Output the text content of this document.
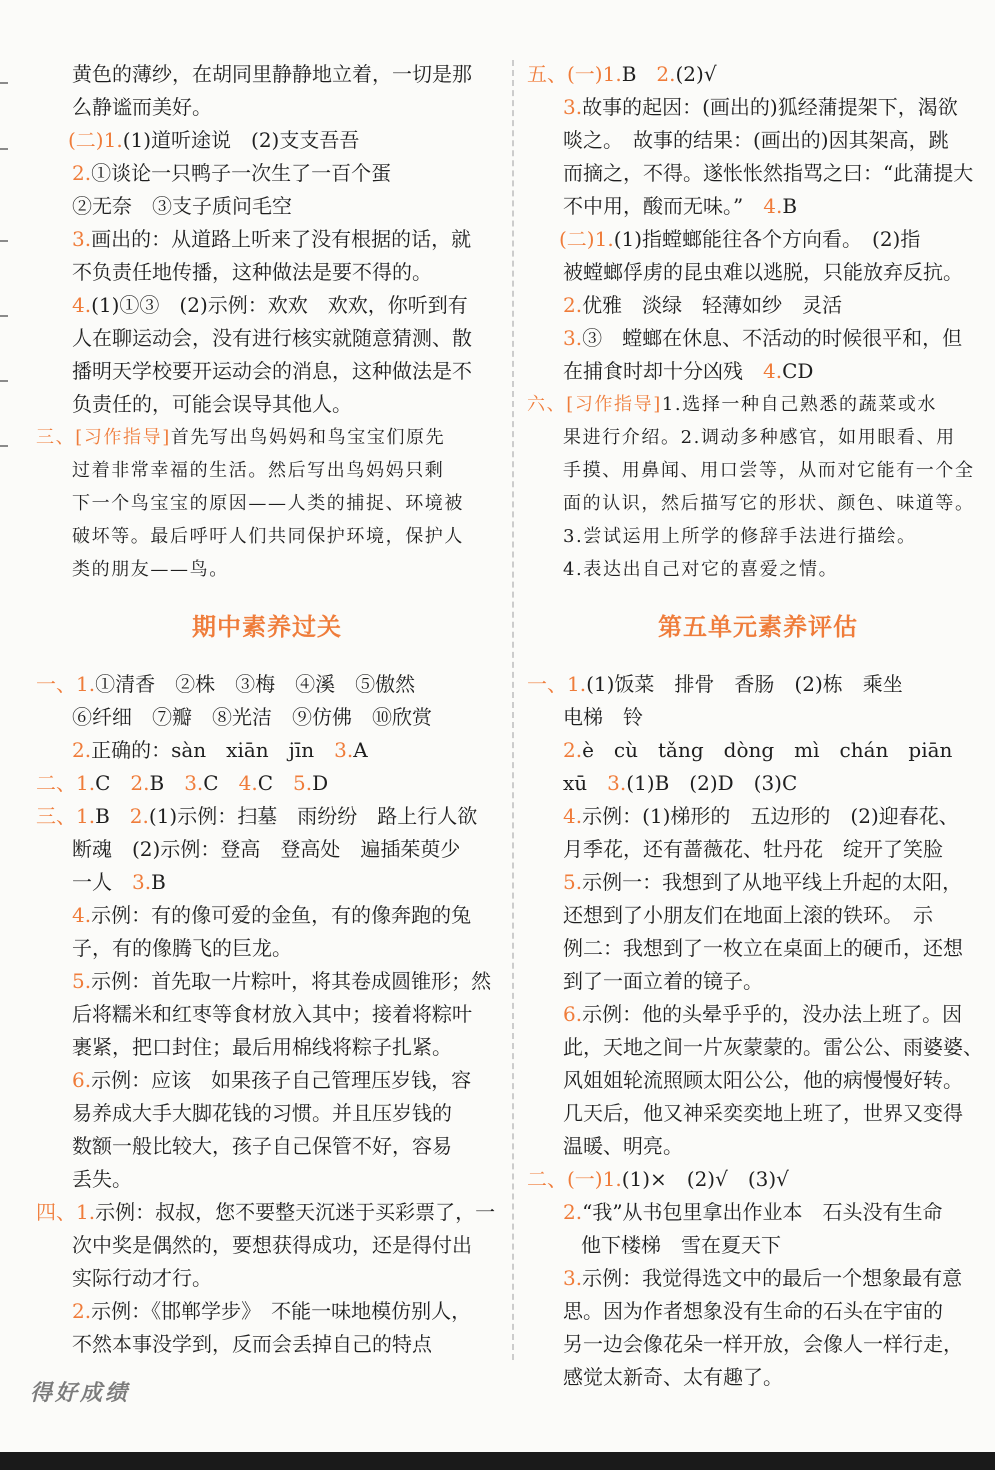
黄色的薄纱，在胡同里静静地立着，一切是那
么静谧而美好。
(二)1.(1)道听途说　(2)支支吾吾
2.①谈论一只鸭子一次生了一百个蛋
②无奈　③支子质问毛空
3.画出的：从道路上听来了没有根据的话，就
不负责任地传播，这种做法是要不得的。
4.(1)①③　(2)示例：欢欢　欢欢，你听到有
人在聊运动会，没有进行核实就随意猜测、散
播明天学校要开运动会的消息，这种做法是不
负责任的，可能会误导其他人。
三、[习作指导]首先写出鸟妈妈和鸟宝宝们原先
过着非常幸福的生活。然后写出鸟妈妈只剩
下一个鸟宝宝的原因——人类的捕捉、环境被
破坏等。最后呼吁人们共同保护环境，保护人
类的朋友——鸟。
期中素养过关
一、1.①清香　②株　③梅　④溪　⑤傲然
⑥纤细　⑦瓣　⑧光洁　⑨仿佛　⑩欣赏
2.正确的：sàn　xiān　jīn　3.A
二、1.C　2.B　3.C　4.C　5.D
三、1.B　2.(1)示例：扫墓　雨纷纷　路上行人欲
断魂　(2)示例：登高　登高处　遍插茱萸少
一人　3.B
4.示例：有的像可爱的金鱼，有的像奔跑的兔
子，有的像腾飞的巨龙。
5.示例：首先取一片粽叶，将其卷成圆锥形；然
后将糯米和红枣等食材放入其中；接着将粽叶
裹紧，把口封住；最后用棉线将粽子扎紧。
6.示例：应该　如果孩子自己管理压岁钱，容
易养成大手大脚花钱的习惯。并且压岁钱的
数额一般比较大，孩子自己保管不好，容易
丢失。
四、1.示例：叔叔，您不要整天沉迷于买彩票了，一
次中奖是偶然的，要想获得成功，还是得付出
实际行动才行。
2.示例：《邯郸学步》　不能一味地模仿别人，
不然本事没学到，反而会丢掉自己的特点
五、(一)1.B　2.(2)√
3.故事的起因：(画出的)狐经蒲提架下，渴欲
啖之。　故事的结果：(画出的)因其架高，跳
而摘之，不得。遂怅怅然指骂之曰：“此蒲提大
不中用，酸而无味。”　4.B
(二)1.(1)指螳螂能往各个方向看。　(2)指
被螳螂俘虏的昆虫难以逃脱，只能放弃反抗。
2.优雅　淡绿　轻薄如纱　灵活
3.③　螳螂在休息、不活动的时候很平和，但
在捕食时却十分凶残　4.CD
六、[习作指导]1.选择一种自己熟悉的蔬菜或水
果进行介绍。2.调动多种感官，如用眼看、用
手摸、用鼻闻、用口尝等，从而对它能有一个全
面的认识，然后描写它的形状、颜色、味道等。
3.尝试运用上所学的修辞手法进行描绘。
4.表达出自己对它的喜爱之情。
第五单元素养评估
一、1.(1)饭菜　排骨　香肠　(2)栋　乘坐
电梯　铃
2.è　cù　tǎng　dòng　mì　chán　piān
xū　3.(1)B　(2)D　(3)C
4.示例：(1)梯形的　五边形的　(2)迎春花、
月季花，还有蔷薇花、牡丹花　绽开了笑脸
5.示例一：我想到了从地平线上升起的太阳，
还想到了小朋友们在地面上滚的铁环。　示
例二：我想到了一枚立在桌面上的硬币，还想
到了一面立着的镜子。
6.示例：他的头晕乎乎的，没办法上班了。因
此，天地之间一片灰蒙蒙的。雷公公、雨婆婆、
风姐姐轮流照顾太阳公公，他的病慢慢好转。
几天后，他又神采奕奕地上班了，世界又变得
温暖、明亮。
二、(一)1.(1)×　(2)√　(3)√
2.“我”从书包里拿出作业本　石头没有生命
他下楼梯　雪在夏天下
3.示例：我觉得选文中的最后一个想象最有意
思。因为作者想象没有生命的石头在宇宙的
另一边会像花朵一样开放，会像人一样行走，
感觉太新奇、太有趣了。
得好成绩
